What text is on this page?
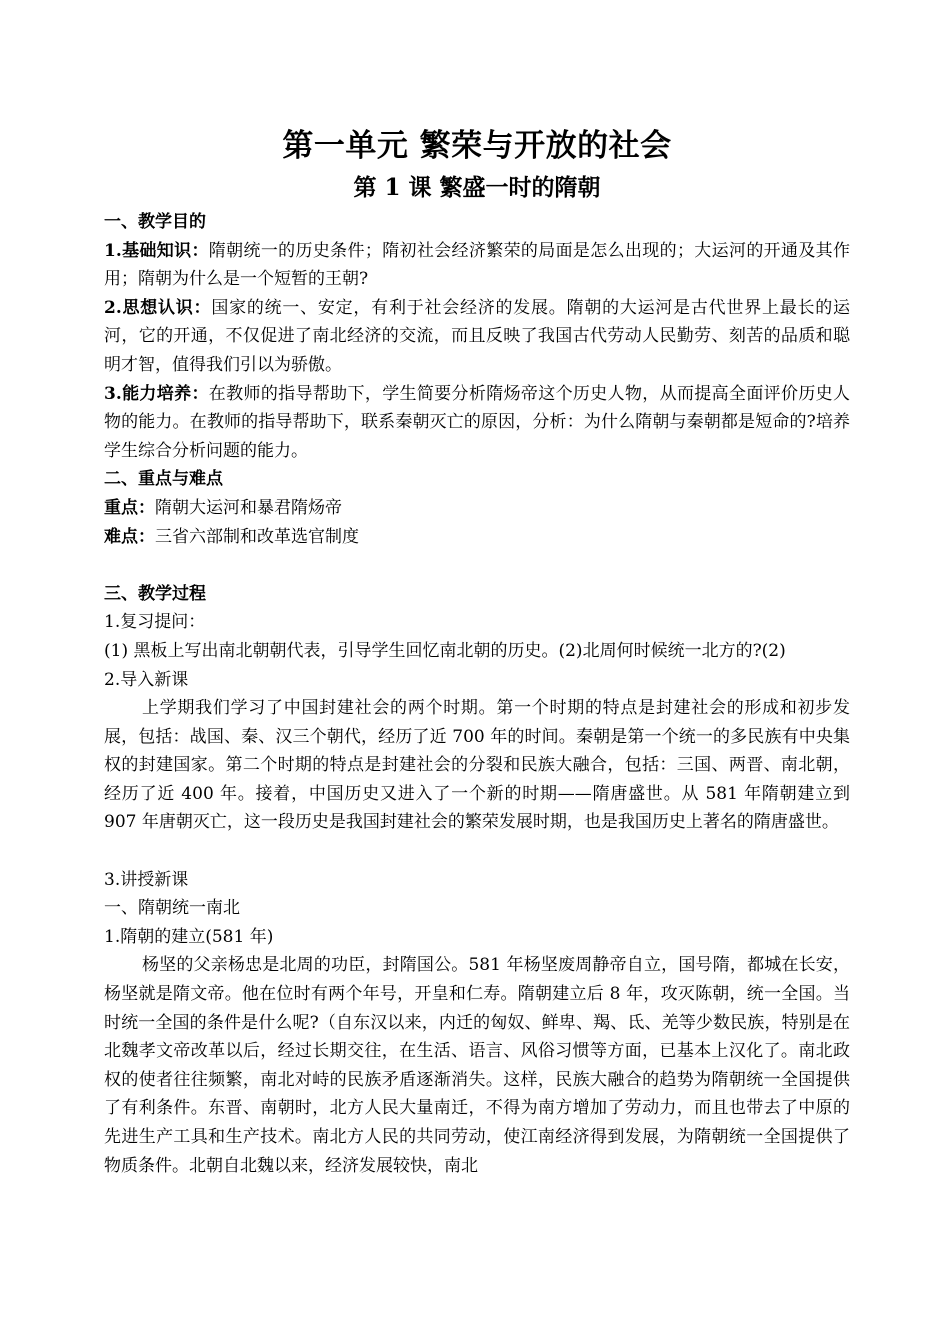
第一单元 繁荣与开放的社会
第 1 课 繁盛一时的隋朝

一、教学目的

1.基础知识：隋朝统一的历史条件；隋初社会经济繁荣的局面是怎么出现的；大运河的开通及其作用；隋朝为什么是一个短暂的王朝?

2.思想认识：国家的统一、安定，有利于社会经济的发展。隋朝的大运河是古代世界上最长的运河，它的开通，不仅促进了南北经济的交流，而且反映了我国古代劳动人民勤劳、刻苦的品质和聪明才智，值得我们引以为骄傲。

3.能力培养：在教师的指导帮助下，学生简要分析隋炀帝这个历史人物，从而提高全面评价历史人物的能力。在教师的指导帮助下，联系秦朝灭亡的原因，分析：为什么隋朝与秦朝都是短命的?培养学生综合分析问题的能力。

二、重点与难点

重点：隋朝大运河和暴君隋炀帝

难点：三省六部制和改革选官制度

三、教学过程

1.复习提问：

(1) 黑板上写出南北朝朝代表，引导学生回忆南北朝的历史。(2)北周何时候统一北方的?(2)

2.导入新课

上学期我们学习了中国封建社会的两个时期。第一个时期的特点是封建社会的形成和初步发展，包括：战国、秦、汉三个朝代，经历了近 700 年的时间。秦朝是第一个统一的多民族有中央集权的封建国家。第二个时期的特点是封建社会的分裂和民族大融合，包括：三国、两晋、南北朝，经历了近 400 年。接着，中国历史又进入了一个新的时期——隋唐盛世。从 581 年隋朝建立到 907 年唐朝灭亡，这一段历史是我国封建社会的繁荣发展时期，也是我国历史上著名的隋唐盛世。

3.讲授新课

一、隋朝统一南北

1.隋朝的建立(581 年)

杨坚的父亲杨忠是北周的功臣，封隋国公。581 年杨坚废周静帝自立，国号隋，都城在长安，杨坚就是隋文帝。他在位时有两个年号，开皇和仁寿。隋朝建立后 8 年，攻灭陈朝，统一全国。当时统一全国的条件是什么呢?（自东汉以来，内迁的匈奴、鲜卑、羯、氐、羌等少数民族，特别是在北魏孝文帝改革以后，经过长期交往，在生活、语言、风俗习惯等方面，已基本上汉化了。南北政权的使者往往频繁，南北对峙的民族矛盾逐渐消失。这样，民族大融合的趋势为隋朝统一全国提供了有利条件。东晋、南朝时，北方人民大量南迁，不得为南方增加了劳动力，而且也带去了中原的先进生产工具和生产技术。南北方人民的共同劳动，使江南经济得到发展，为隋朝统一全国提供了物质条件。北朝自北魏以来，经济发展较快，南北
